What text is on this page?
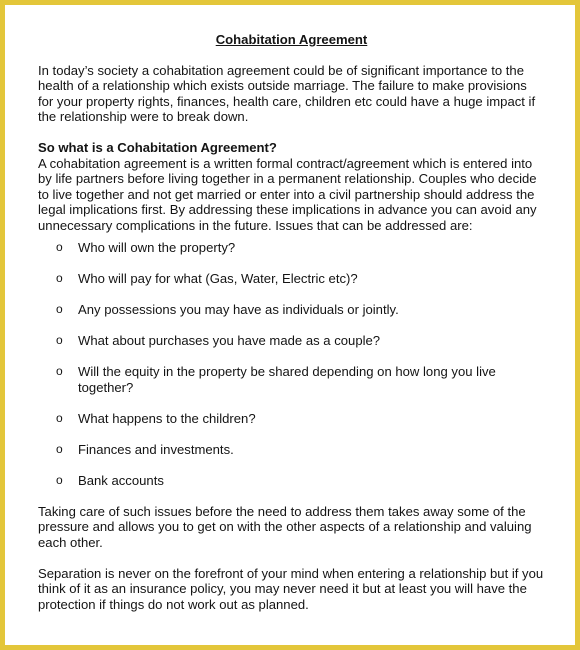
Cohabitation Agreement

In today’s society a cohabitation agreement could be of significant importance to the health of a relationship which exists outside marriage. The failure to make provisions for your property rights, finances, health care, children etc could have a huge impact if the relationship were to break down.

So what is a Cohabitation Agreement?

A cohabitation agreement is a written formal contract/agreement which is entered into by life partners before living together in a permanent relationship. Couples who decide to live together and not get married or enter into a civil partnership should address the legal implications first. By addressing these implications in advance you can avoid any unnecessary complications in the future. Issues that can be addressed are:

o	Who will own the property?
o	Who will pay for what (Gas, Water, Electric etc)?
o	Any possessions you may have as individuals or jointly.
o	What about purchases you have made as a couple?
o	Will the equity in the property be shared depending on how long you live together?
o	What happens to the children?
o	Finances and investments.
o	Bank accounts

Taking care of such issues before the need to address them takes away some of the pressure and allows you to get on with the other aspects of a relationship and valuing each other.

Separation is never on the forefront of your mind when entering a relationship but if you think of it as an insurance policy, you may never need it but at least you will have the protection if things do not work out as planned.
